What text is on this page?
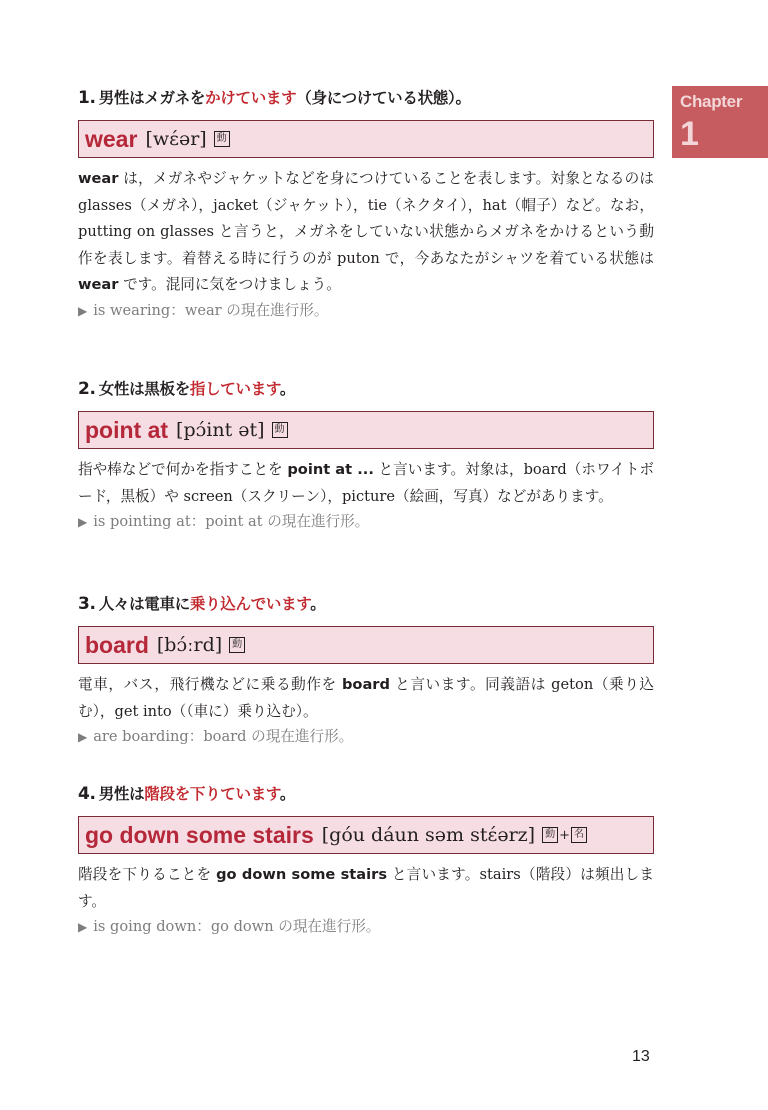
Chapter
1
1. 男性はメガネをかけています（身につけている状態）。
wear [wέər]	動
wear は，メガネやジャケットなどを身につけていることを表します。対象となるのは glasses（メガネ），jacket（ジャケット），tie（ネクタイ），hat（帽子）など。なお，putting on glasses と言うと，メガネをしていない状態からメガネをかけるという動作を表します。着替える時に行うのが puton で，今あなたがシャツを着ている状態は wear です。混同に気をつけましょう。
▶ is wearing：wear の現在進行形。
2. 女性は黒板を指しています。
point at [pɔ́int ət]	動
指や棒などで何かを指すことを point at ... と言います。対象は，board（ホワイトボード，黒板）や screen（スクリーン），picture（絵画，写真）などがあります。
▶ is pointing at：point at の現在進行形。
3. 人々は電車に乗り込んでいます。
board [bɔ́ːrd]	動
電車，バス，飛行機などに乗る動作を board と言います。同義語は geton（乗り込む），get into（（車に）乗り込む）。
▶ are boarding：board の現在進行形。
4. 男性は階段を下りています。
go down some stairs [góu dáun səm stέərz]	動 + 名
階段を下りることを go down some stairs と言います。stairs（階段）は頻出します。
▶ is going down：go down の現在進行形。
13
